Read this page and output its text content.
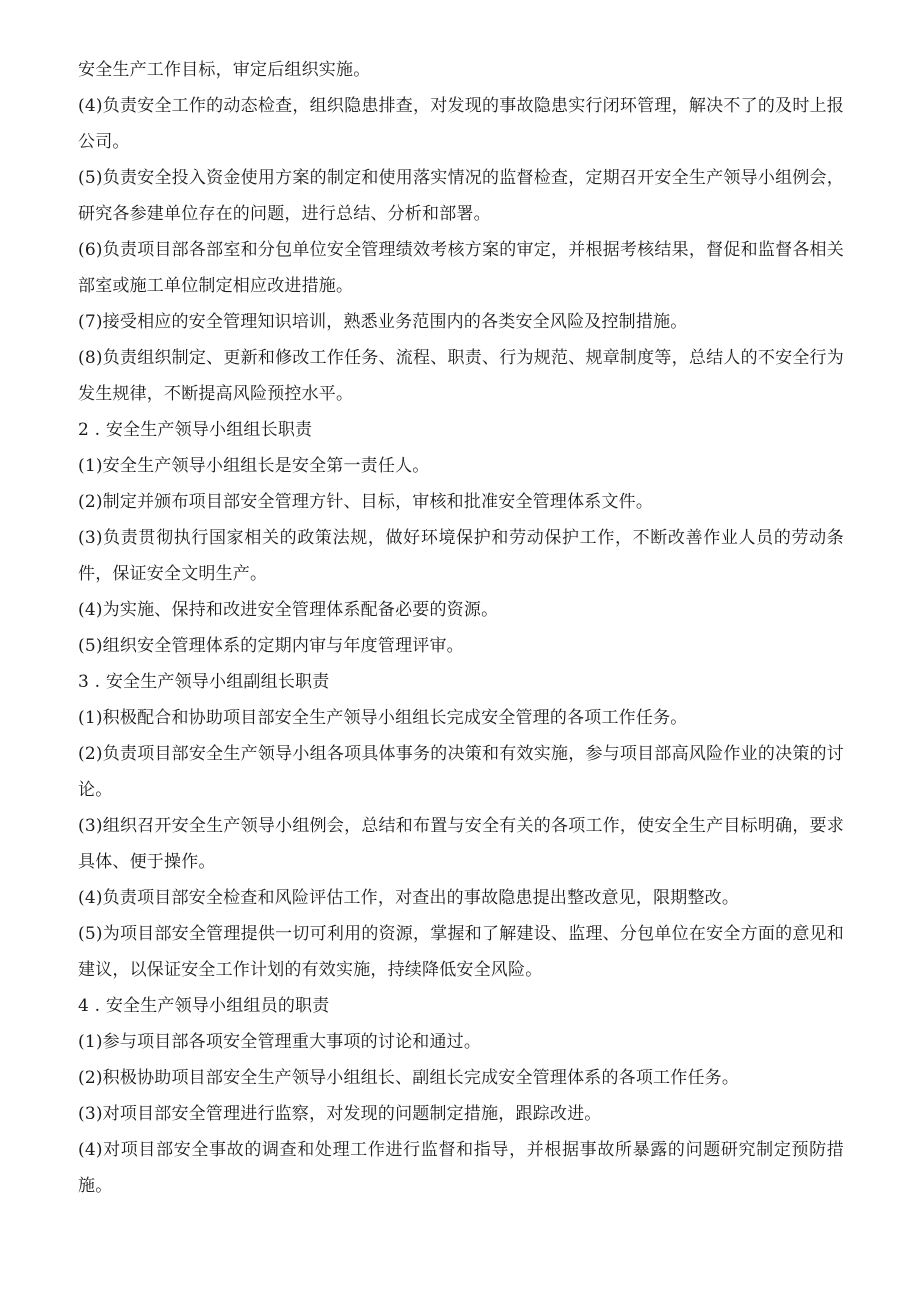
安全生产工作目标，审定后组织实施。

(4)负责安全工作的动态检查，组织隐患排查，对发现的事故隐患实行闭环管理，解决不了的及时上报公司。

(5)负责安全投入资金使用方案的制定和使用落实情况的监督检查，定期召开安全生产领导小组例会，研究各参建单位存在的问题，进行总结、分析和部署。

(6)负责项目部各部室和分包单位安全管理绩效考核方案的审定，并根据考核结果，督促和监督各相关部室或施工单位制定相应改进措施。

(7)接受相应的安全管理知识培训，熟悉业务范围内的各类安全风险及控制措施。

(8)负责组织制定、更新和修改工作任务、流程、职责、行为规范、规章制度等，总结人的不安全行为发生规律，不断提高风险预控水平。

2 . 安全生产领导小组组长职责

(1)安全生产领导小组组长是安全第一责任人。

(2)制定并颁布项目部安全管理方针、目标，审核和批准安全管理体系文件。

(3)负责贯彻执行国家相关的政策法规，做好环境保护和劳动保护工作，不断改善作业人员的劳动条件，保证安全文明生产。

(4)为实施、保持和改进安全管理体系配备必要的资源。

(5)组织安全管理体系的定期内审与年度管理评审。

3 . 安全生产领导小组副组长职责

(1)积极配合和协助项目部安全生产领导小组组长完成安全管理的各项工作任务。

(2)负责项目部安全生产领导小组各项具体事务的决策和有效实施，参与项目部高风险作业的决策的讨论。

(3)组织召开安全生产领导小组例会，总结和布置与安全有关的各项工作，使安全生产目标明确，要求具体、便于操作。

(4)负责项目部安全检查和风险评估工作，对查出的事故隐患提出整改意见，限期整改。

(5)为项目部安全管理提供一切可利用的资源，掌握和了解建设、监理、分包单位在安全方面的意见和建议，以保证安全工作计划的有效实施，持续降低安全风险。

4 . 安全生产领导小组组员的职责

(1)参与项目部各项安全管理重大事项的讨论和通过。

(2)积极协助项目部安全生产领导小组组长、副组长完成安全管理体系的各项工作任务。

(3)对项目部安全管理进行监察，对发现的问题制定措施，跟踪改进。

(4)对项目部安全事故的调查和处理工作进行监督和指导，并根据事故所暴露的问题研究制定预防措施。
